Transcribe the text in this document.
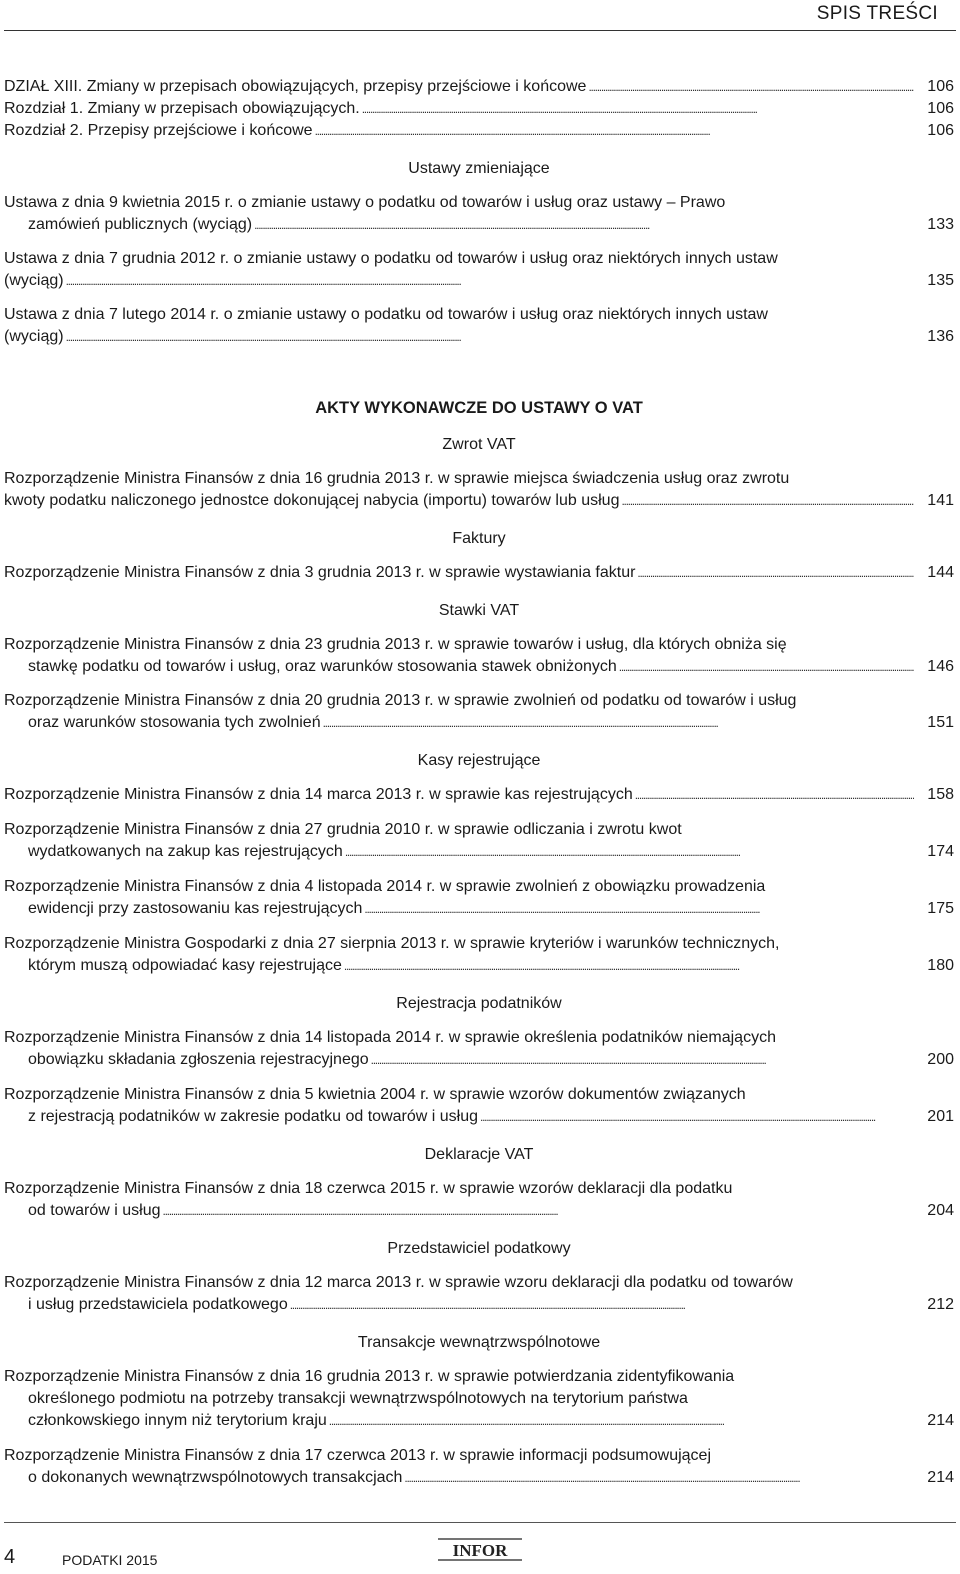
SPIS TREŚCI
DZIAŁ XIII. Zmiany w przepisach obowiązujących, przepisy przejściowe i końcowe . . .	106
Rozdział 1. Zmiany w przepisach obowiązujących. . . .	106
Rozdział 2. Przepisy przejściowe i końcowe . . .	106
Ustawy zmieniające
Ustawa z dnia 9 kwietnia 2015 r. o zmianie ustawy o podatku od towarów i usług oraz ustawy – Prawo
zamówień publicznych (wyciąg) . . .	133
Ustawa z dnia 7 grudnia 2012 r. o zmianie ustawy o podatku od towarów i usług oraz niektórych innych ustaw
(wyciąg) . . .	135
Ustawa z dnia 7 lutego 2014 r. o zmianie ustawy o podatku od towarów i usług oraz niektórych innych ustaw
(wyciąg) . . .	136
AKTY WYKONAWCZE DO USTAWY O VAT
Zwrot VAT
Rozporządzenie Ministra Finansów z dnia 16 grudnia 2013 r. w sprawie miejsca świadczenia usług oraz zwrotu
kwoty podatku naliczonego jednostce dokonującej nabycia (importu) towarów lub usług . . .	141
Faktury
Rozporządzenie Ministra Finansów z dnia 3 grudnia 2013 r. w sprawie wystawiania faktur . . .	144
Stawki VAT
Rozporządzenie Ministra Finansów z dnia 23 grudnia 2013 r. w sprawie towarów i usług, dla których obniża się
stawkę podatku od towarów i usług, oraz warunków stosowania stawek obniżonych . . .	146
Rozporządzenie Ministra Finansów z dnia 20 grudnia 2013 r. w sprawie zwolnień od podatku od towarów i usług
oraz warunków stosowania tych zwolnień . . .	151
Kasy rejestrujące
Rozporządzenie Ministra Finansów z dnia 14 marca 2013 r. w sprawie kas rejestrujących . . .	158
Rozporządzenie Ministra Finansów z dnia 27 grudnia 2010 r. w sprawie odliczania i zwrotu kwot
wydatkowanych na zakup kas rejestrujących . . .	174
Rozporządzenie Ministra Finansów z dnia 4 listopada 2014 r. w sprawie zwolnień z obowiązku prowadzenia
ewidencji przy zastosowaniu kas rejestrujących . . .	175
Rozporządzenie Ministra Gospodarki z dnia 27 sierpnia 2013 r. w sprawie kryteriów i warunków technicznych,
którym muszą odpowiadać kasy rejestrujące . . .	180
Rejestracja podatników
Rozporządzenie Ministra Finansów z dnia 14 listopada 2014 r. w sprawie określenia podatników niemających
obowiązku składania zgłoszenia rejestracyjnego . . .	200
Rozporządzenie Ministra Finansów z dnia 5 kwietnia 2004 r. w sprawie wzorów dokumentów związanych
z rejestracją podatników w zakresie podatku od towarów i usług . . .	201
Deklaracje VAT
Rozporządzenie Ministra Finansów z dnia 18 czerwca 2015 r. w sprawie wzorów deklaracji dla podatku
od towarów i usług . . .	204
Przedstawiciel podatkowy
Rozporządzenie Ministra Finansów z dnia 12 marca 2013 r. w sprawie wzoru deklaracji dla podatku od towarów
i usług przedstawiciela podatkowego . . .	212
Transakcje wewnątrzwspólnotowe
Rozporządzenie Ministra Finansów z dnia 16 grudnia 2013 r. w sprawie potwierdzania zidentyfikowania
określonego podmiotu na potrzeby transakcji wewnątrzwspólnotowych na terytorium państwa
członkowskiego innym niż terytorium kraju . . .	214
Rozporządzenie Ministra Finansów z dnia 17 czerwca 2013 r. w sprawie informacji podsumowującej
o dokonanych wewnątrzwspólnotowych transakcjach . . .	214
4	PODATKI 2015	INFOR
